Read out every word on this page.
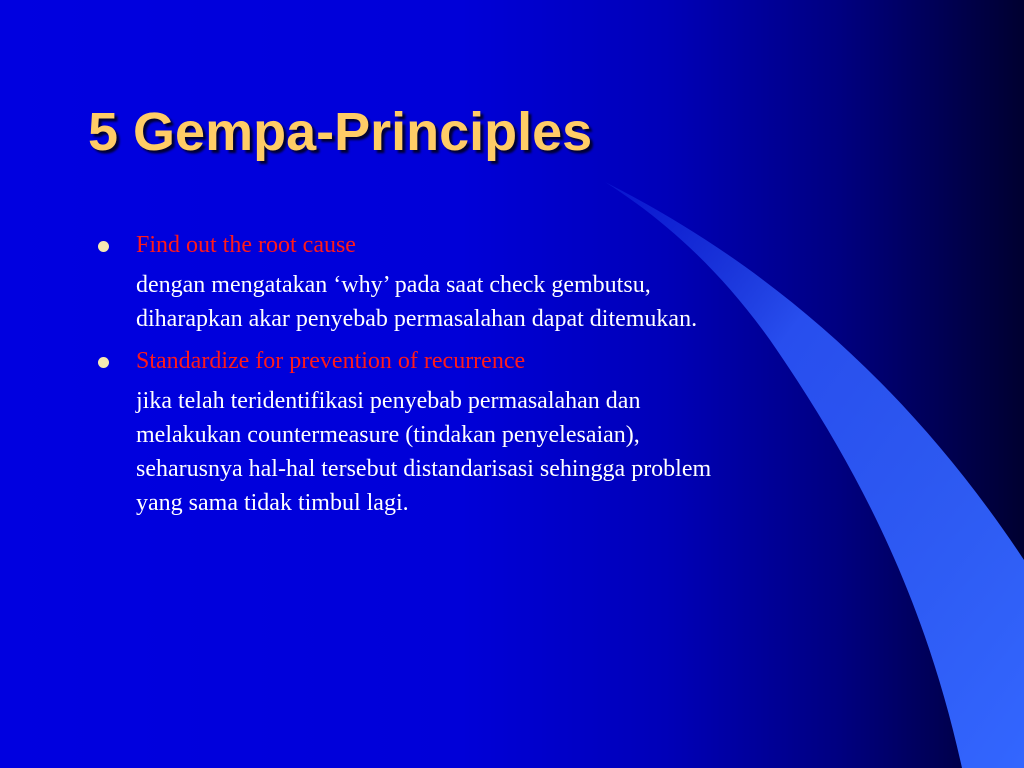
5 Gempa-Principles
Find out the root cause

dengan mengatakan ‘why’ pada saat check gembutsu,
diharapkan akar penyebab permasalahan dapat ditemukan.

Standardize for prevention of recurrence

jika telah teridentifikasi penyebab permasalahan dan
melakukan countermeasure (tindakan penyelesaian),
seharusnya hal-hal tersebut distandarisasi sehingga problem
yang sama tidak timbul lagi.
